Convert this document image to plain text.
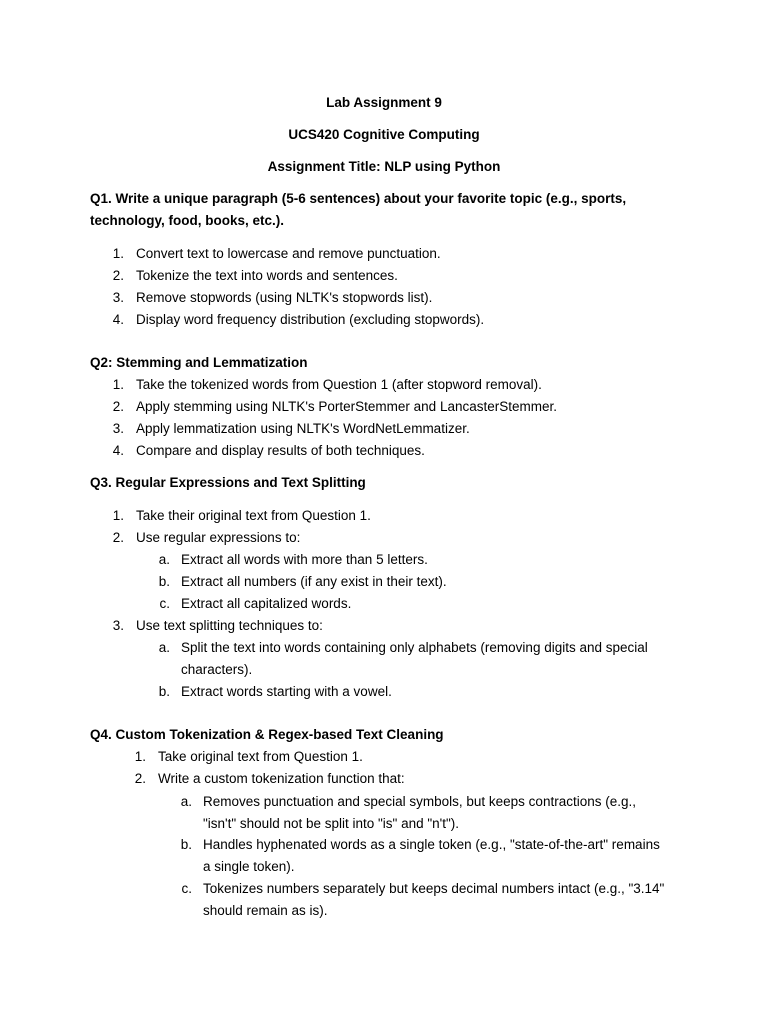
Lab Assignment 9
UCS420 Cognitive Computing
Assignment Title: NLP using Python
Q1. Write a unique paragraph (5-6 sentences) about your favorite topic (e.g., sports,
technology, food, books, etc.).
1. Convert text to lowercase and remove punctuation.
2. Tokenize the text into words and sentences.
3. Remove stopwords (using NLTK's stopwords list).
4. Display word frequency distribution (excluding stopwords).
Q2: Stemming and Lemmatization
1. Take the tokenized words from Question 1 (after stopword removal).
2. Apply stemming using NLTK's PorterStemmer and LancasterStemmer.
3. Apply lemmatization using NLTK's WordNetLemmatizer.
4. Compare and display results of both techniques.
Q3. Regular Expressions and Text Splitting
1. Take their original text from Question 1.
2. Use regular expressions to:
a. Extract all words with more than 5 letters.
b. Extract all numbers (if any exist in their text).
c. Extract all capitalized words.
3. Use text splitting techniques to:
a. Split the text into words containing only alphabets (removing digits and special
characters).
b. Extract words starting with a vowel.
Q4. Custom Tokenization & Regex-based Text Cleaning
1. Take original text from Question 1.
2. Write a custom tokenization function that:
a. Removes punctuation and special symbols, but keeps contractions (e.g.,
"isn't" should not be split into "is" and "n't").
b. Handles hyphenated words as a single token (e.g., "state-of-the-art" remains
a single token).
c. Tokenizes numbers separately but keeps decimal numbers intact (e.g., "3.14"
should remain as is).
